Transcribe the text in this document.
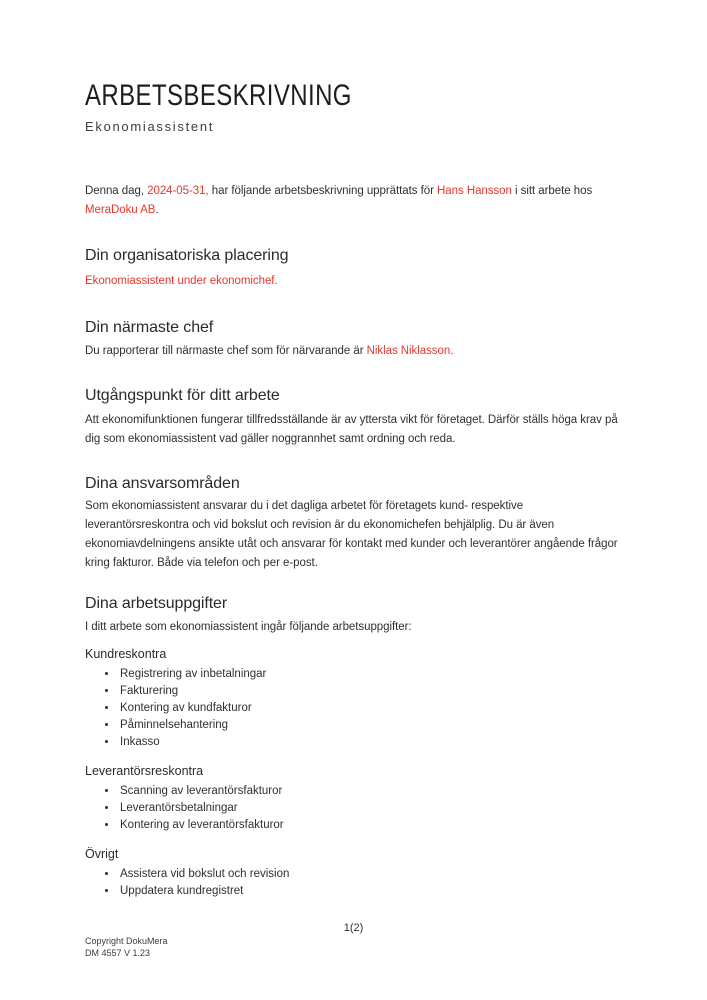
ARBETSBESKRIVNING
Ekonomiassistent

Denna dag, 2024-05-31, har följande arbetsbeskrivning upprättats för Hans Hansson i sitt arbete hos MeraDoku AB.

Din organisatoriska placering

Ekonomiassistent under ekonomichef.

Din närmaste chef

Du rapporterar till närmaste chef som för närvarande är Niklas Niklasson.

Utgångspunkt för ditt arbete

Att ekonomifunktionen fungerar tillfredsställande är av yttersta vikt för företaget. Därför ställs höga krav på dig som ekonomiassistent vad gäller noggrannhet samt ordning och reda.

Dina ansvarsområden

Som ekonomiassistent ansvarar du i det dagliga arbetet för företagets kund- respektive leverantörsreskontra och vid bokslut och revision är du ekonomichefen behjälplig. Du är även ekonomiavdelningens ansikte utåt och ansvarar för kontakt med kunder och leverantörer angående frågor kring fakturor. Både via telefon och per e-post.

Dina arbetsuppgifter

I ditt arbete som ekonomiassistent ingår följande arbetsuppgifter:

Kundreskontra
• Registrering av inbetalningar
• Fakturering
• Kontering av kundfakturor
• Påminnelsehantering
• Inkasso
Leverantörsreskontra
• Scanning av leverantörsfakturor
• Leverantörsbetalningar
• Kontering av leverantörsfakturor
Övrigt
• Assistera vid bokslut och revision
• Uppdatera kundregistret
1(2)
Copyright DokuMera
DM 4557 V 1.23
